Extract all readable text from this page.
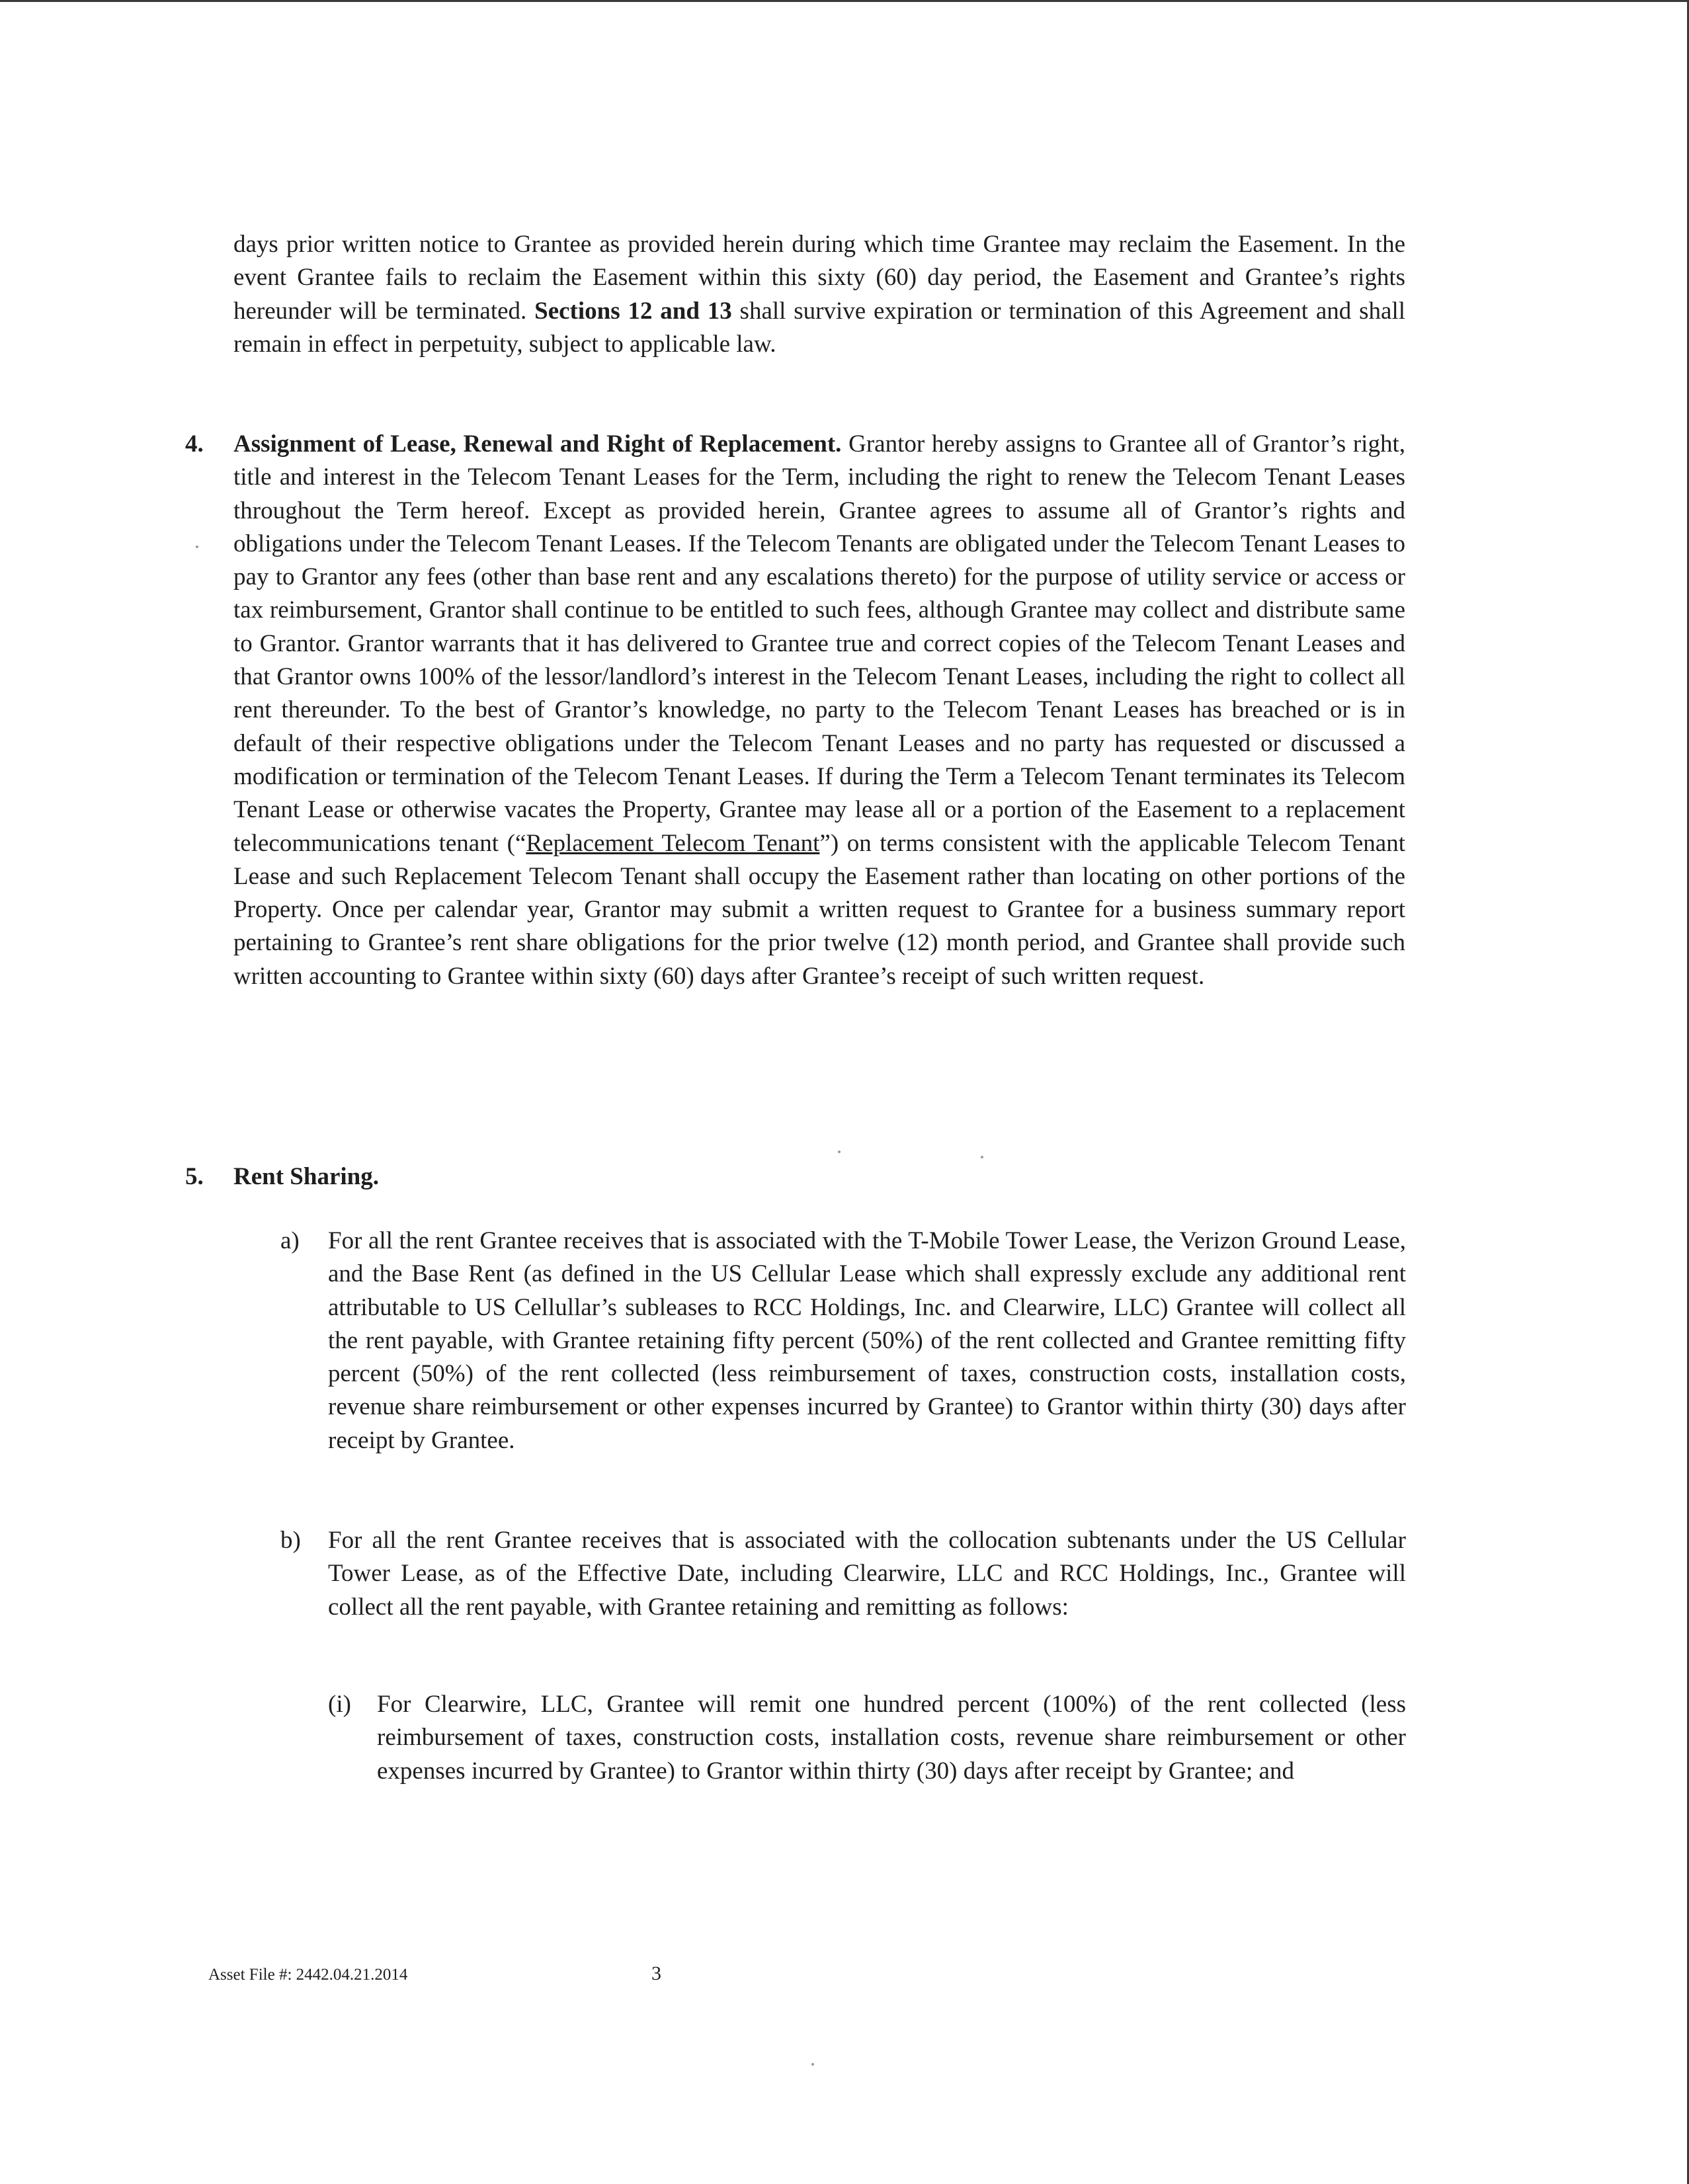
days prior written notice to Grantee as provided herein during which time Grantee may reclaim the Easement. In the event Grantee fails to reclaim the Easement within this sixty (60) day period, the Easement and Grantee’s rights hereunder will be terminated. Sections 12 and 13 shall survive expiration or termination of this Agreement and shall remain in effect in perpetuity, subject to applicable law.

4. Assignment of Lease, Renewal and Right of Replacement. Grantor hereby assigns to Grantee all of Grantor’s right, title and interest in the Telecom Tenant Leases for the Term, including the right to renew the Telecom Tenant Leases throughout the Term hereof. Except as provided herein, Grantee agrees to assume all of Grantor’s rights and obligations under the Telecom Tenant Leases. If the Telecom Tenants are obligated under the Telecom Tenant Leases to pay to Grantor any fees (other than base rent and any escalations thereto) for the purpose of utility service or access or tax reimbursement, Grantor shall continue to be entitled to such fees, although Grantee may collect and distribute same to Grantor. Grantor warrants that it has delivered to Grantee true and correct copies of the Telecom Tenant Leases and that Grantor owns 100% of the lessor/landlord’s interest in the Telecom Tenant Leases, including the right to collect all rent thereunder. To the best of Grantor’s knowledge, no party to the Telecom Tenant Leases has breached or is in default of their respective obligations under the Telecom Tenant Leases and no party has requested or discussed a modification or termination of the Telecom Tenant Leases. If during the Term a Telecom Tenant terminates its Telecom Tenant Lease or otherwise vacates the Property, Grantee may lease all or a portion of the Easement to a replacement telecommunications tenant (“Replacement Telecom Tenant”) on terms consistent with the applicable Telecom Tenant Lease and such Replacement Telecom Tenant shall occupy the Easement rather than locating on other portions of the Property. Once per calendar year, Grantor may submit a written request to Grantee for a business summary report pertaining to Grantee’s rent share obligations for the prior twelve (12) month period, and Grantee shall provide such written accounting to Grantee within sixty (60) days after Grantee’s receipt of such written request.

5. Rent Sharing.
a) For all the rent Grantee receives that is associated with the T-Mobile Tower Lease, the Verizon Ground Lease, and the Base Rent (as defined in the US Cellular Lease which shall expressly exclude any additional rent attributable to US Cellullar’s subleases to RCC Holdings, Inc. and Clearwire, LLC) Grantee will collect all the rent payable, with Grantee retaining fifty percent (50%) of the rent collected and Grantee remitting fifty percent (50%) of the rent collected (less reimbursement of taxes, construction costs, installation costs, revenue share reimbursement or other expenses incurred by Grantee) to Grantor within thirty (30) days after receipt by Grantee.

b) For all the rent Grantee receives that is associated with the collocation subtenants under the US Cellular Tower Lease, as of the Effective Date, including Clearwire, LLC and RCC Holdings, Inc., Grantee will collect all the rent payable, with Grantee retaining and remitting as follows:

(i) For Clearwire, LLC, Grantee will remit one hundred percent (100%) of the rent collected (less reimbursement of taxes, construction costs, installation costs, revenue share reimbursement or other expenses incurred by Grantee) to Grantor within thirty (30) days after receipt by Grantee; and

Asset File #: 2442.04.21.2014	3
